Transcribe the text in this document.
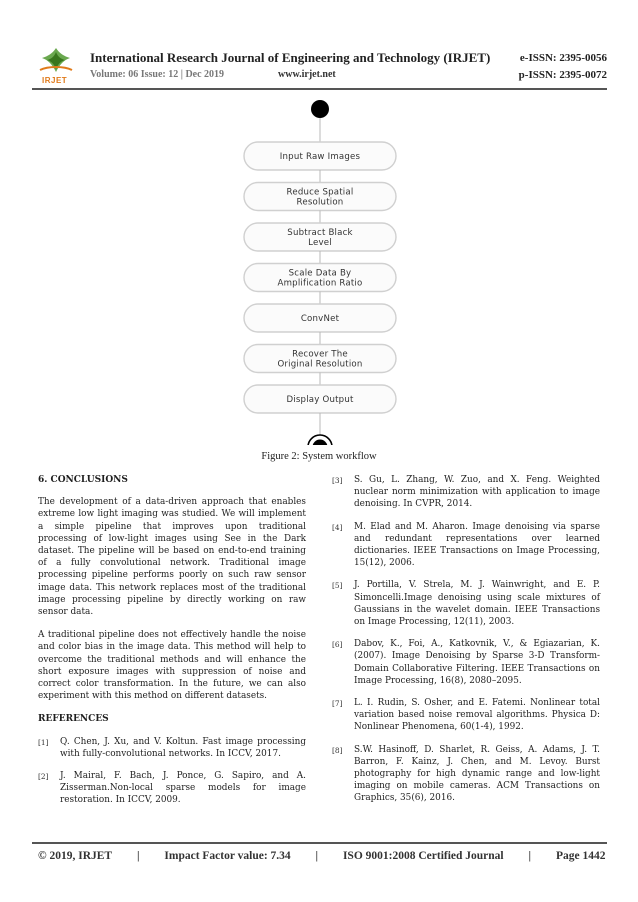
IRJET
International Research Journal of Engineering and Technology (IRJET)	e-ISSN: 2395-0056
Volume: 06 Issue: 12 | Dec 2019	www.irjet.net	p-ISSN: 2395-0072
Input Raw Images
Reduce Spatial
Resolution
Subtract Black
Level
Scale Data By
Amplification Ratio
ConvNet
Recover The
Original Resolution
Display Output
Figure 2: System workflow
6. CONCLUSIONS

The development of a data-driven approach that enables extreme low light imaging was studied. We will implement a simple pipeline that improves upon traditional processing of low-light images using See in the Dark dataset. The pipeline will be based on end-to-end training of a fully convolutional network. Traditional image processing pipeline performs poorly on such raw sensor image data. This network replaces most of the traditional image processing pipeline by directly working on raw sensor data.

A traditional pipeline does not effectively handle the noise and color bias in the image data. This method will help to overcome the traditional methods and will enhance the short exposure images with suppression of noise and correct color transformation. In the future, we can also experiment with this method on different datasets.

REFERENCES
[1] Q. Chen, J. Xu, and V. Koltun. Fast image processing with fully-convolutional networks. In ICCV, 2017.
[2] J. Mairal, F. Bach, J. Ponce, G. Sapiro, and A. Zisserman.Non-local sparse models for image restoration. In ICCV, 2009.
[3] S. Gu, L. Zhang, W. Zuo, and X. Feng. Weighted nuclear norm minimization with application to image denoising. In CVPR, 2014.
[4] M. Elad and M. Aharon. Image denoising via sparse and redundant representations over learned dictionaries. IEEE Transactions on Image Processing, 15(12), 2006.
[5] J. Portilla, V. Strela, M. J. Wainwright, and E. P. Simoncelli.Image denoising using scale mixtures of Gaussians in the wavelet domain. IEEE Transactions on Image Processing, 12(11), 2003.
[6] Dabov, K., Foi, A., Katkovnik, V., & Egiazarian, K. (2007). Image Denoising by Sparse 3-D Transform-Domain Collaborative Filtering. IEEE Transactions on Image Processing, 16(8), 2080–2095.
[7] L. I. Rudin, S. Osher, and E. Fatemi. Nonlinear total variation based noise removal algorithms. Physica D: Nonlinear Phenomena, 60(1-4), 1992.
[8] S.W. Hasinoff, D. Sharlet, R. Geiss, A. Adams, J. T. Barron, F. Kainz, J. Chen, and M. Levoy. Burst photography for high dynamic range and low-light imaging on mobile cameras. ACM Transactions on Graphics, 35(6), 2016.
© 2019, IRJET | Impact Factor value: 7.34 | ISO 9001:2008 Certified Journal | Page 1442
